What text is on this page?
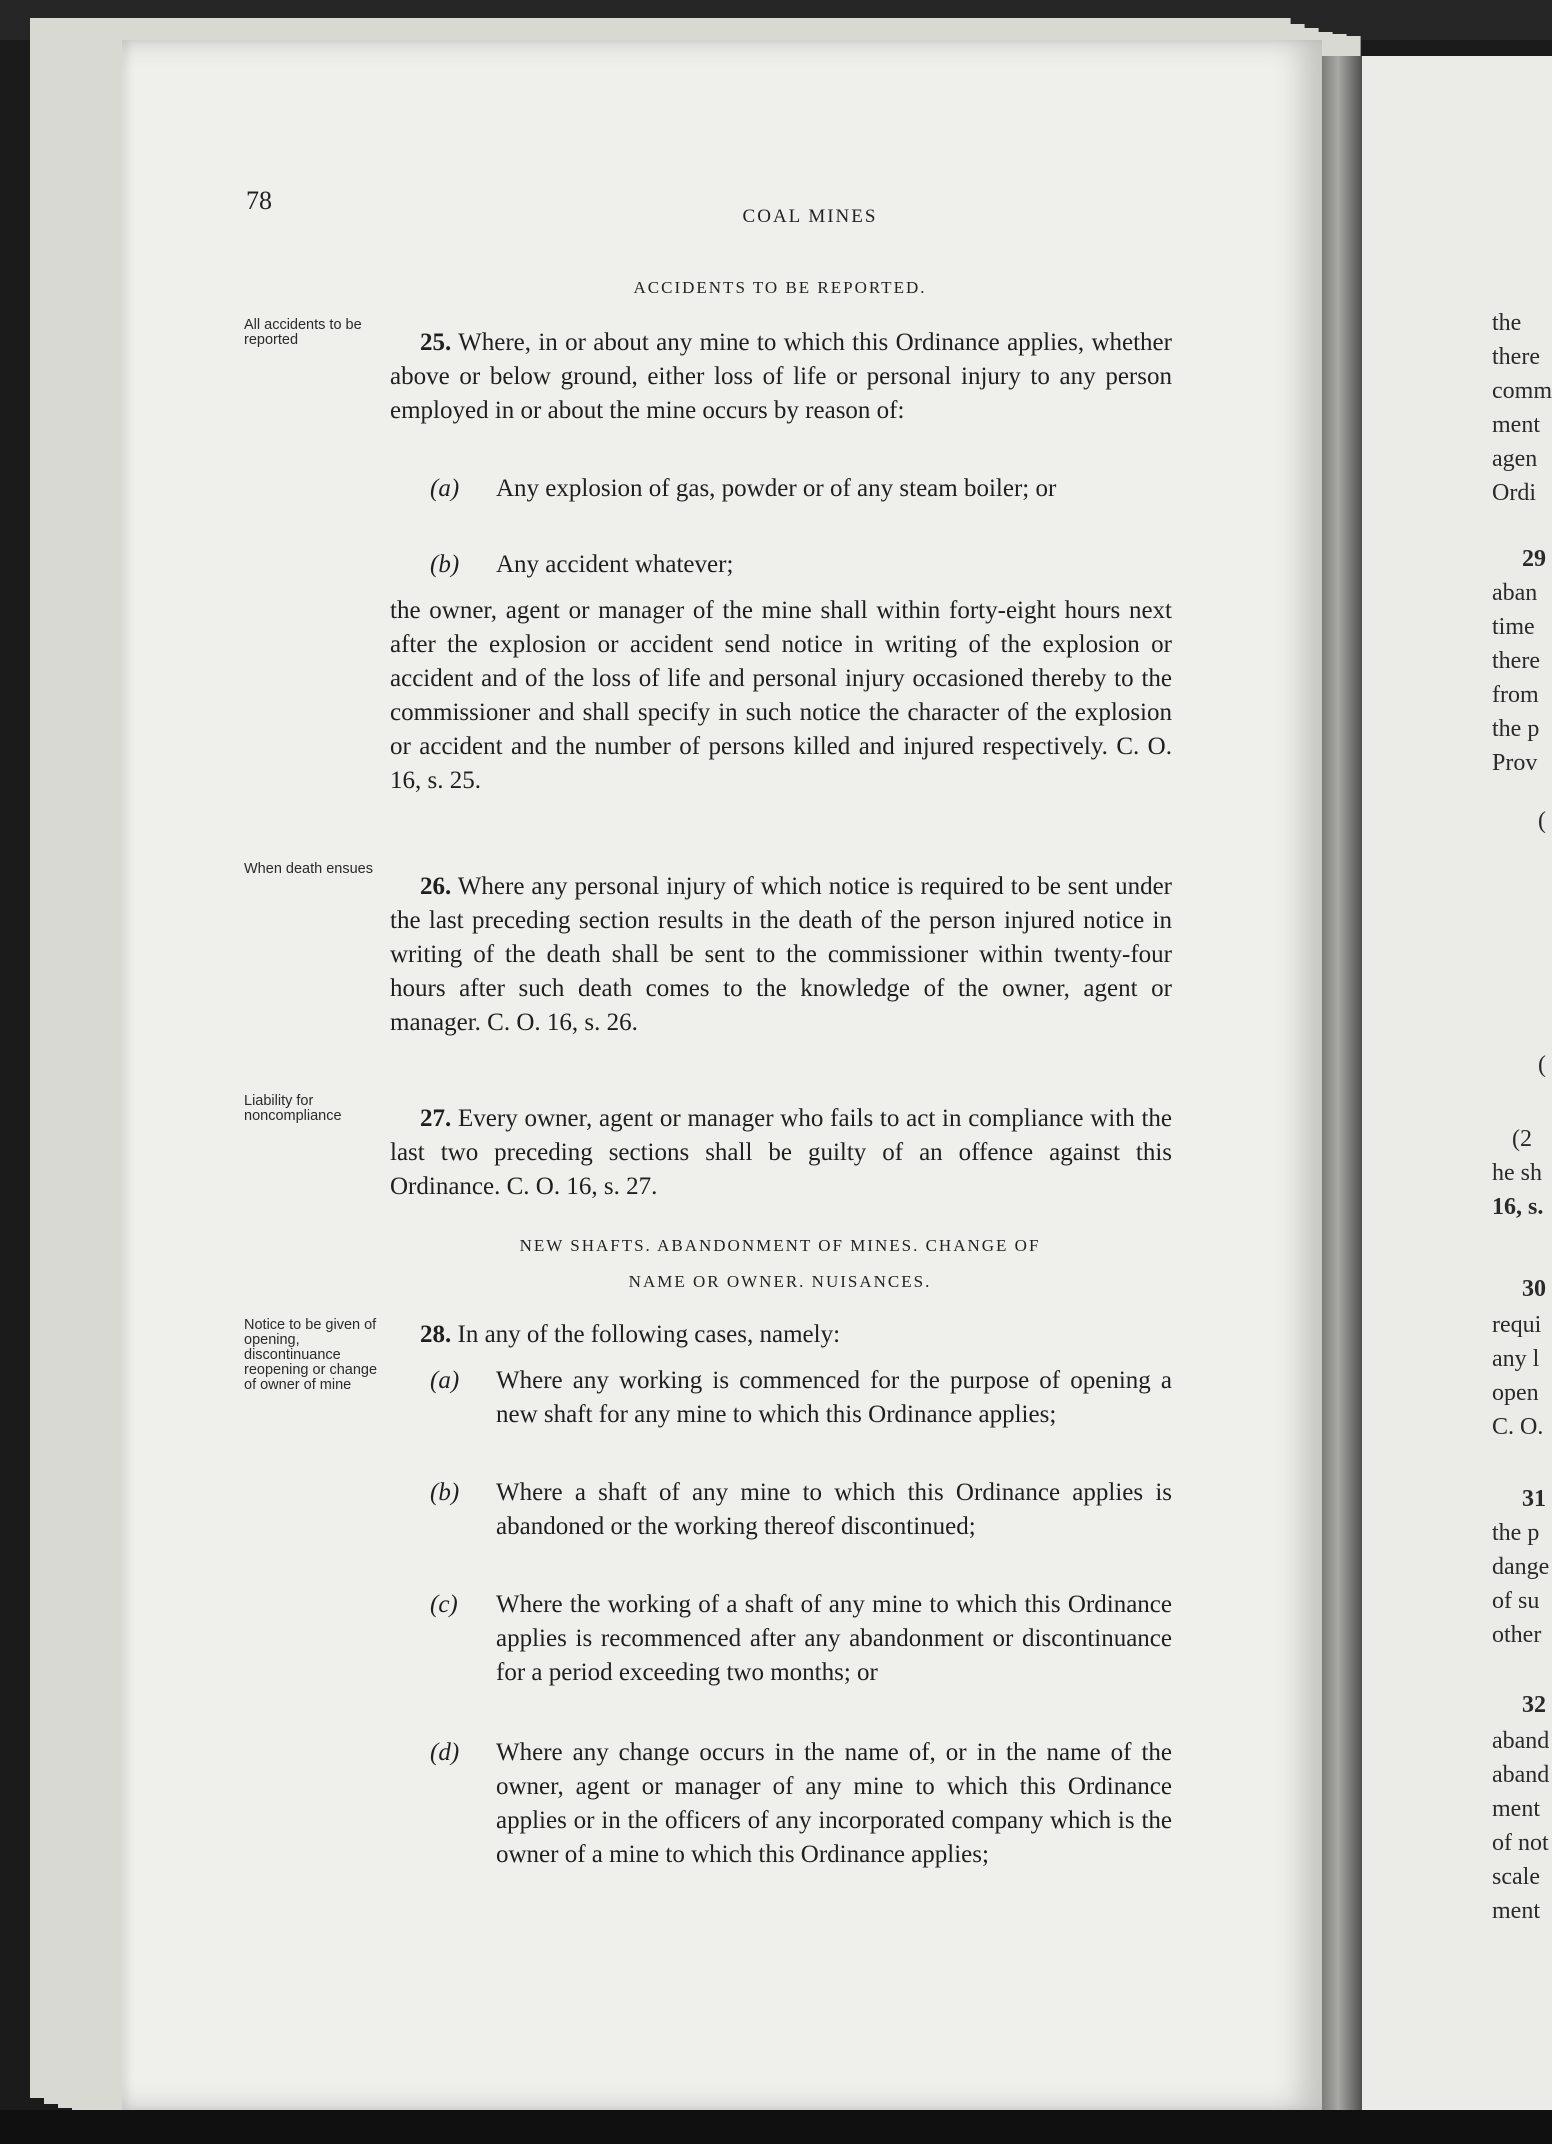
the
there
comm
ment
agen
Ordi
29
aban
time
there
from
the p
Prov
(
(
(2
he sh
16, s.
30
requi
any l
open
C. O.
31
the p
dange
of su
other
32
aband
aband
ment
of not
scale
ment
78
COAL MINES
ACCIDENTS TO BE REPORTED.
All accidents to be reported	25. Where, in or about any mine to which this Ordinance applies, whether above or below ground, either loss of life or personal injury to any person employed in or about the mine occurs by reason of:
(a) Any explosion of gas, powder or of any steam boiler; or
(b) Any accident whatever;
the owner, agent or manager of the mine shall within forty-eight hours next after the explosion or accident send notice in writing of the explosion or accident and of the loss of life and personal injury occasioned thereby to the commissioner and shall specify in such notice the character of the explosion or accident and the number of persons killed and injured respectively. C. O. 16, s. 25.
When death ensues
26. Where any personal injury of which notice is required to be sent under the last preceding section results in the death of the person injured notice in writing of the death shall be sent to the commissioner within twenty-four hours after such death comes to the knowledge of the owner, agent or manager. C. O. 16, s. 26.
Liability for noncompliance	27. Every owner, agent or manager who fails to act in compliance with the last two preceding sections shall be guilty of an offence against this Ordinance. C. O. 16, s. 27.
NEW SHAFTS. ABANDONMENT OF MINES. CHANGE OF
NAME OR OWNER. NUISANCES.
Notice to be given of opening, discontinuance reopening or change of owner of mine
28. In any of the following cases, namely:
(a) Where any working is commenced for the purpose of opening a new shaft for any mine to which this Ordinance applies;
(b) Where a shaft of any mine to which this Ordinance applies is abandoned or the working thereof discontinued;
(c) Where the working of a shaft of any mine to which this Ordinance applies is recommenced after any abandonment or discontinuance for a period exceeding two months; or
(d) Where any change occurs in the name of, or in the name of the owner, agent or manager of any mine to which this Ordinance applies or in the officers of any incorporated company which is the owner of a mine to which this Ordinance applies;
